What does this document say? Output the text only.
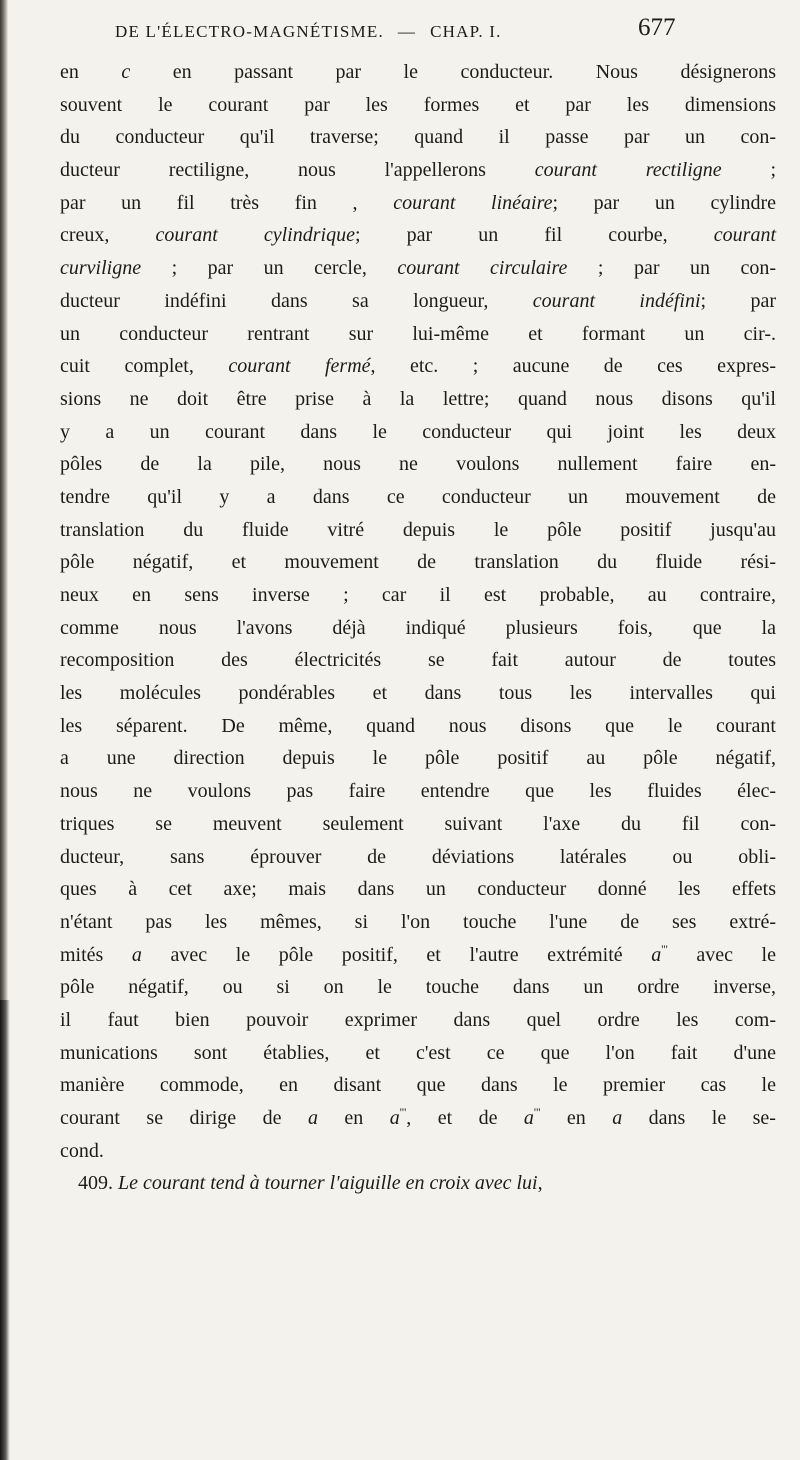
DE L'ÉLECTRO-MAGNÉTISME. — CHAP. I.	677
en c en passant par le conducteur. Nous désignerons
souvent le courant par les formes et par les dimensions
du conducteur qu'il traverse; quand il passe par un con-
ducteur rectiligne, nous l'appellerons courant rectiligne ;
par un fil très fin , courant linéaire; par un cylindre
creux, courant cylindrique; par un fil courbe, courant
curviligne ; par un cercle, courant circulaire ; par un con-
ducteur indéfini dans sa longueur, courant indéfini; par
un conducteur rentrant sur lui-même et formant un cir-.
cuit complet, courant fermé, etc. ; aucune de ces expres-
sions ne doit être prise à la lettre; quand nous disons qu'il
y a un courant dans le conducteur qui joint les deux
pôles de la pile, nous ne voulons nullement faire en-
tendre qu'il y a dans ce conducteur un mouvement de
translation du fluide vitré depuis le pôle positif jusqu'au
pôle négatif, et mouvement de translation du fluide rési-
neux en sens inverse ; car il est probable, au contraire,
comme nous l'avons déjà indiqué plusieurs fois, que la
recomposition des électricités se fait autour de toutes
les molécules pondérables et dans tous les intervalles qui
les séparent. De même, quand nous disons que le courant
a une direction depuis le pôle positif au pôle négatif,
nous ne voulons pas faire entendre que les fluides élec-
triques se meuvent seulement suivant l'axe du fil con-
ducteur, sans éprouver de déviations latérales ou obli-
ques à cet axe; mais dans un conducteur donné les effets
n'étant pas les mêmes, si l'on touche l'une de ses extré-
mités a avec le pôle positif, et l'autre extrémité a''' avec le
pôle négatif, ou si on le touche dans un ordre inverse,
il faut bien pouvoir exprimer dans quel ordre les com-
munications sont établies, et c'est ce que l'on fait d'une
manière commode, en disant que dans le premier cas le
courant se dirige de a en a''', et de a''' en a dans le se-
cond.
409. Le courant tend à tourner l'aiguille en croix avec lui,
